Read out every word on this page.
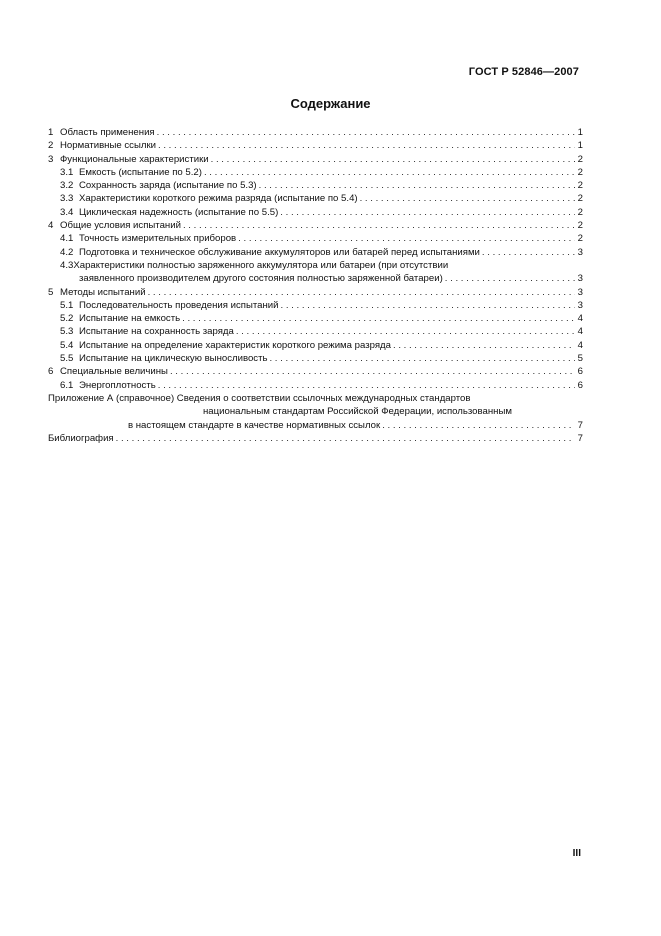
ГОСТ Р 52846—2007
Содержание
1 Область применения . . .	1
2 Нормативные ссылки . . .	1
3 Функциональные характеристики . . .	2
3.1 Емкость (испытание по 5.2) . . .	2
3.2 Сохранность заряда (испытание по 5.3) . . .	2
3.3 Характеристики короткого режима разряда (испытание по 5.4) . . .	2
3.4 Циклическая надежность (испытание по 5.5) . . .	2
4 Общие условия испытаний . . .	2
4.1 Точность измерительных приборов . . .	2
4.2 Подготовка и техническое обслуживание аккумуляторов или батарей перед испытаниями . . .	3
4.3Характеристики полностью заряженного аккумулятора или батареи (при отсутствии
заявленного производителем другого состояния полностью заряженной батареи) . . .	3
5 Методы испытаний . . .	3
5.1 Последовательность проведения испытаний . . .	3
5.2 Испытание на емкость . . .	4
5.3 Испытание на сохранность заряда . . .	4
5.4 Испытание на определение характеристик короткого режима разряда . . .	4
5.5 Испытание на циклическую выносливость . . .	5
6 Специальные величины . . .	6
6.1 Энергоплотность . . .	6
Приложение А (справочное) Сведения о соответствии ссылочных международных стандартов
национальным стандартам Российской Федерации, использованным
в настоящем стандарте в качестве нормативных ссылок . . .	7
Библиография . . .	7
III
